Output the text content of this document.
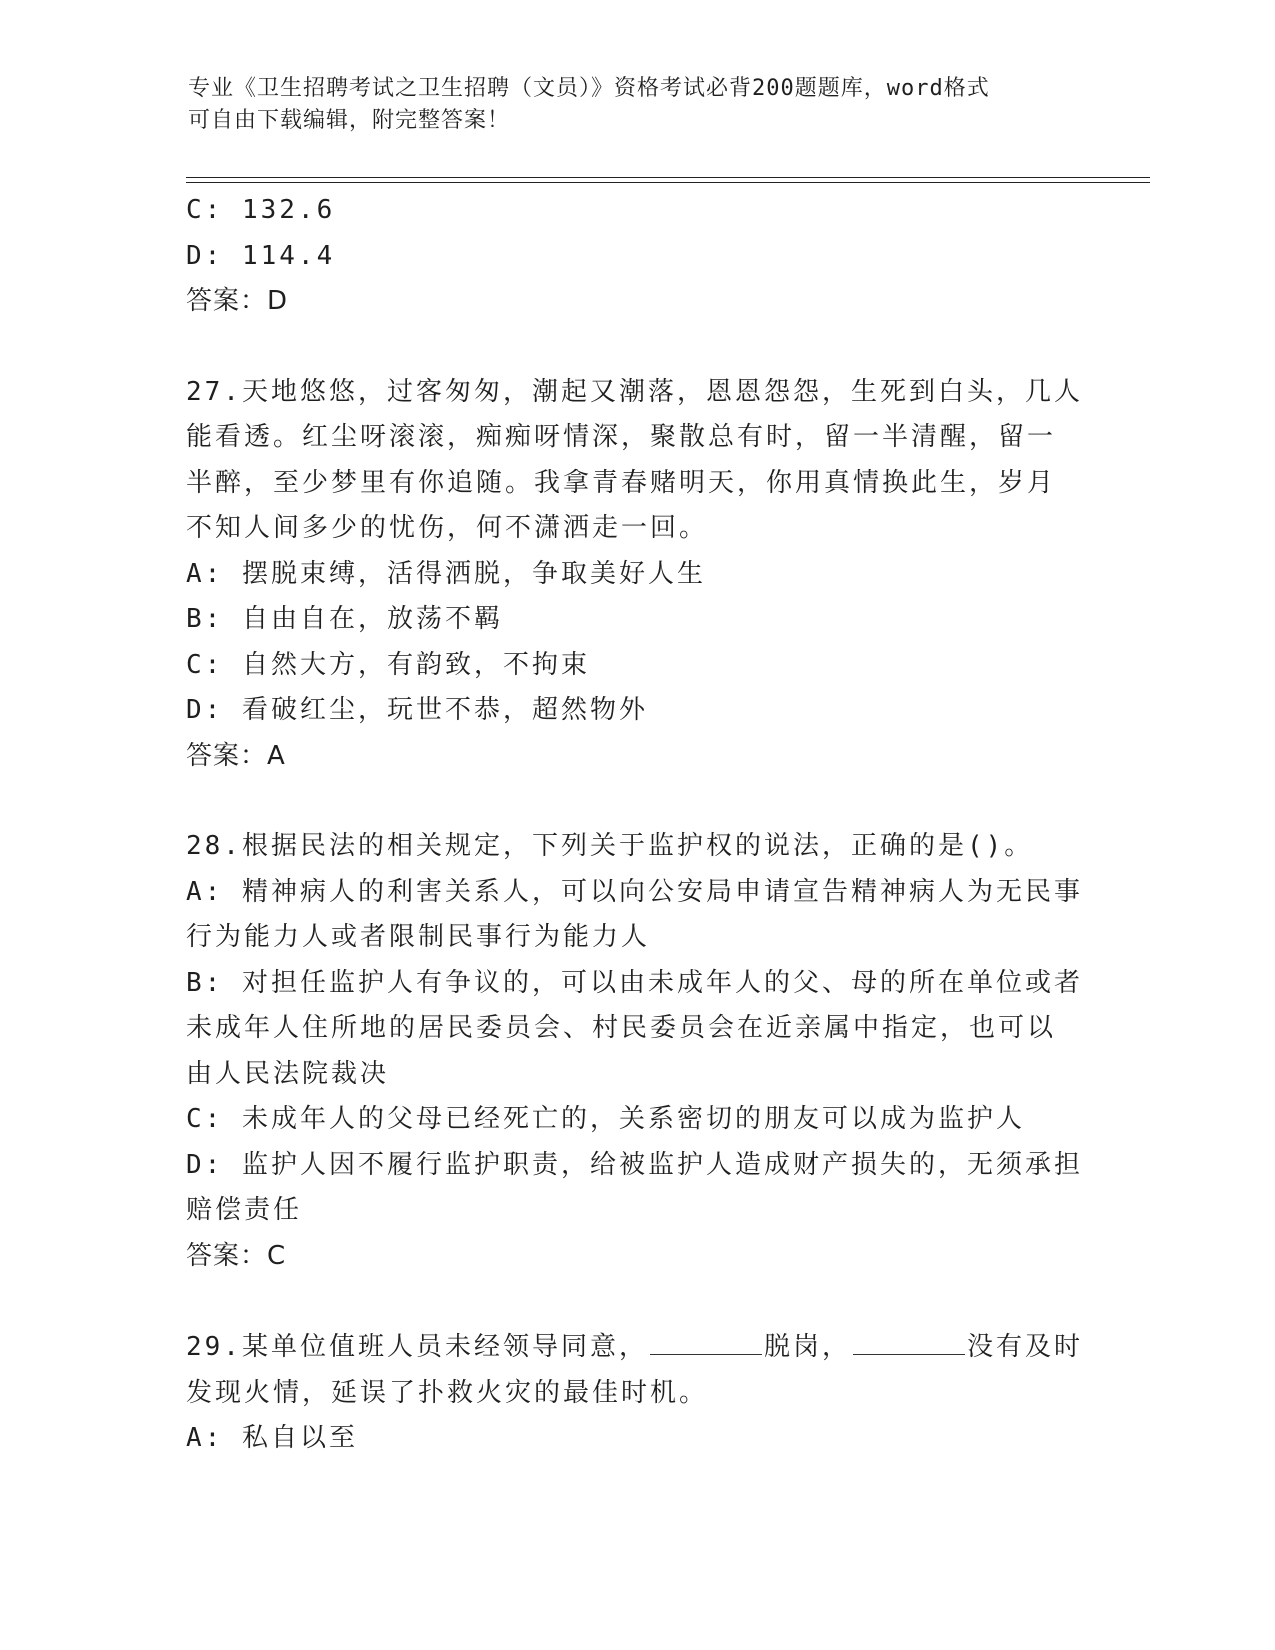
专业《卫生招聘考试之卫生招聘（文员）》资格考试必背200题题库，word格式
可自由下载编辑，附完整答案！
C: 132.6
D: 114.4
答案：D
27.天地悠悠，过客匆匆，潮起又潮落，恩恩怨怨，生死到白头，几人
能看透。红尘呀滚滚，痴痴呀情深，聚散总有时，留一半清醒，留一
半醉，至少梦里有你追随。我拿青春赌明天，你用真情换此生，岁月
不知人间多少的忧伤，何不潇洒走一回。
A: 摆脱束缚，活得洒脱，争取美好人生
B: 自由自在，放荡不羁
C: 自然大方，有韵致，不拘束
D: 看破红尘，玩世不恭，超然物外
答案：A
28.根据民法的相关规定，下列关于监护权的说法，正确的是()。
A: 精神病人的利害关系人，可以向公安局申请宣告精神病人为无民事
行为能力人或者限制民事行为能力人
B: 对担任监护人有争议的，可以由未成年人的父、母的所在单位或者
未成年人住所地的居民委员会、村民委员会在近亲属中指定，也可以
由人民法院裁决
C: 未成年人的父母已经死亡的，关系密切的朋友可以成为监护人
D: 监护人因不履行监护职责，给被监护人造成财产损失的，无须承担
赔偿责任
答案：C
29.某单位值班人员未经领导同意，	脱岗，	没有及时
发现火情，延误了扑救火灾的最佳时机。
A: 私自以至
